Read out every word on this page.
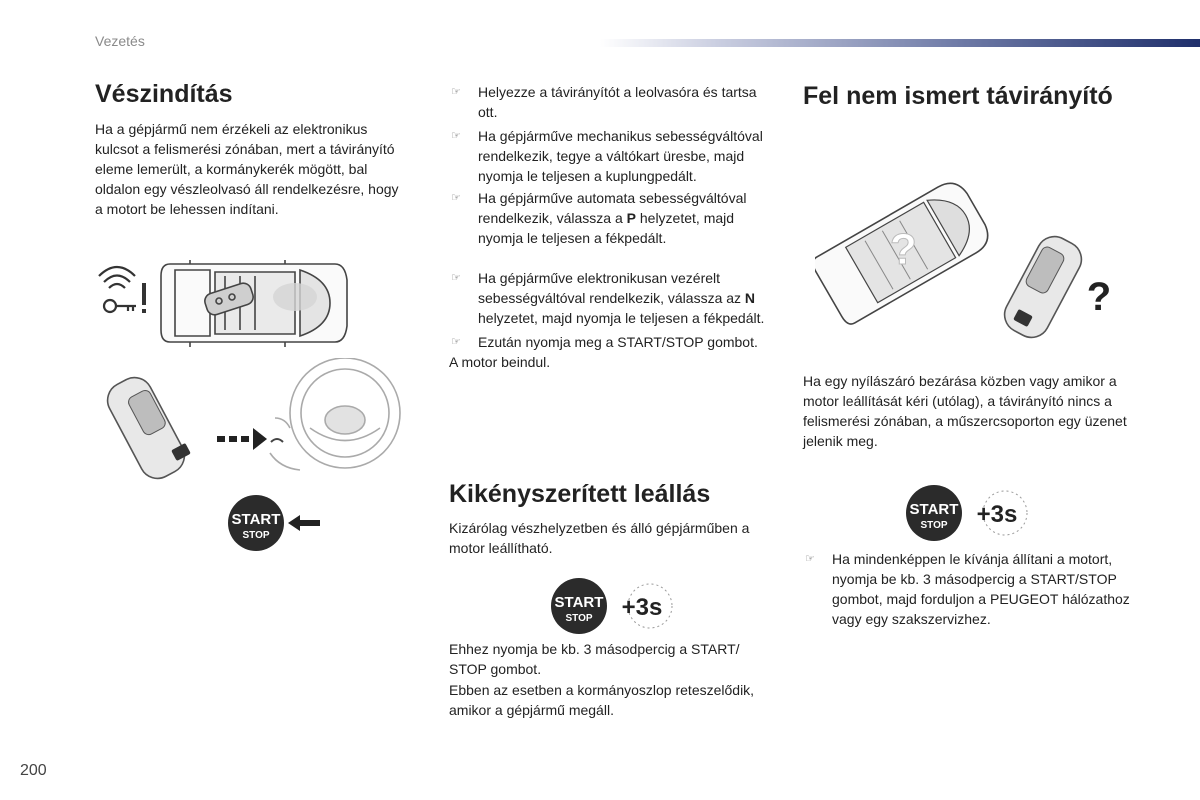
Vezetés
Vészindítás

Ha a gépjármű nem érzékeli az elektronikus kulcsot a felismerési zónában, mert a távirányító eleme lemerült, a kormánykerék mögött, bal oldalon egy vészleolvasó áll rendelkezésre, hogy a motort be lehessen indítani.

START
STOP
☞ Helyezze a távirányítót a leolvasóra és tartsa ott.
☞ Ha gépjárműve mechanikus sebességváltóval rendelkezik, tegye a váltókart üresbe, majd nyomja le teljesen a kuplungpedált.
☞ Ha gépjárműve automata sebességváltóval rendelkezik, válassza a P helyzetet, majd nyomja le teljesen a fékpedált.
☞ Ha gépjárműve elektronikusan vezérelt sebességváltóval rendelkezik, válassza az N helyzetet, majd nyomja le teljesen a fékpedált.
☞ Ezután nyomja meg a START/STOP gombot.

A motor beindul.

Kikényszerített leállás

Kizárólag vészhelyzetben és álló gépjárműben a motor leállítható.

START
STOP +3s

Ehhez nyomja be kb. 3 másodpercig a START/ STOP gombot.

Ebben az esetben a kormányoszlop reteszelődik, amikor a gépjármű megáll.

Fel nem ismert távirányító
?
?

Ha egy nyílászáró bezárása közben vagy amikor a motor leállítását kéri (utólag), a távirányító nincs a felismerési zónában, a műszercsoporton egy üzenet jelenik meg.

START
STOP +3s
☞ Ha mindenképpen le kívánja állítani a motort, nyomja be kb. 3 másodpercig a START/STOP gombot, majd forduljon a PEUGEOT hálózathoz vagy egy szakszervizhez.
200
